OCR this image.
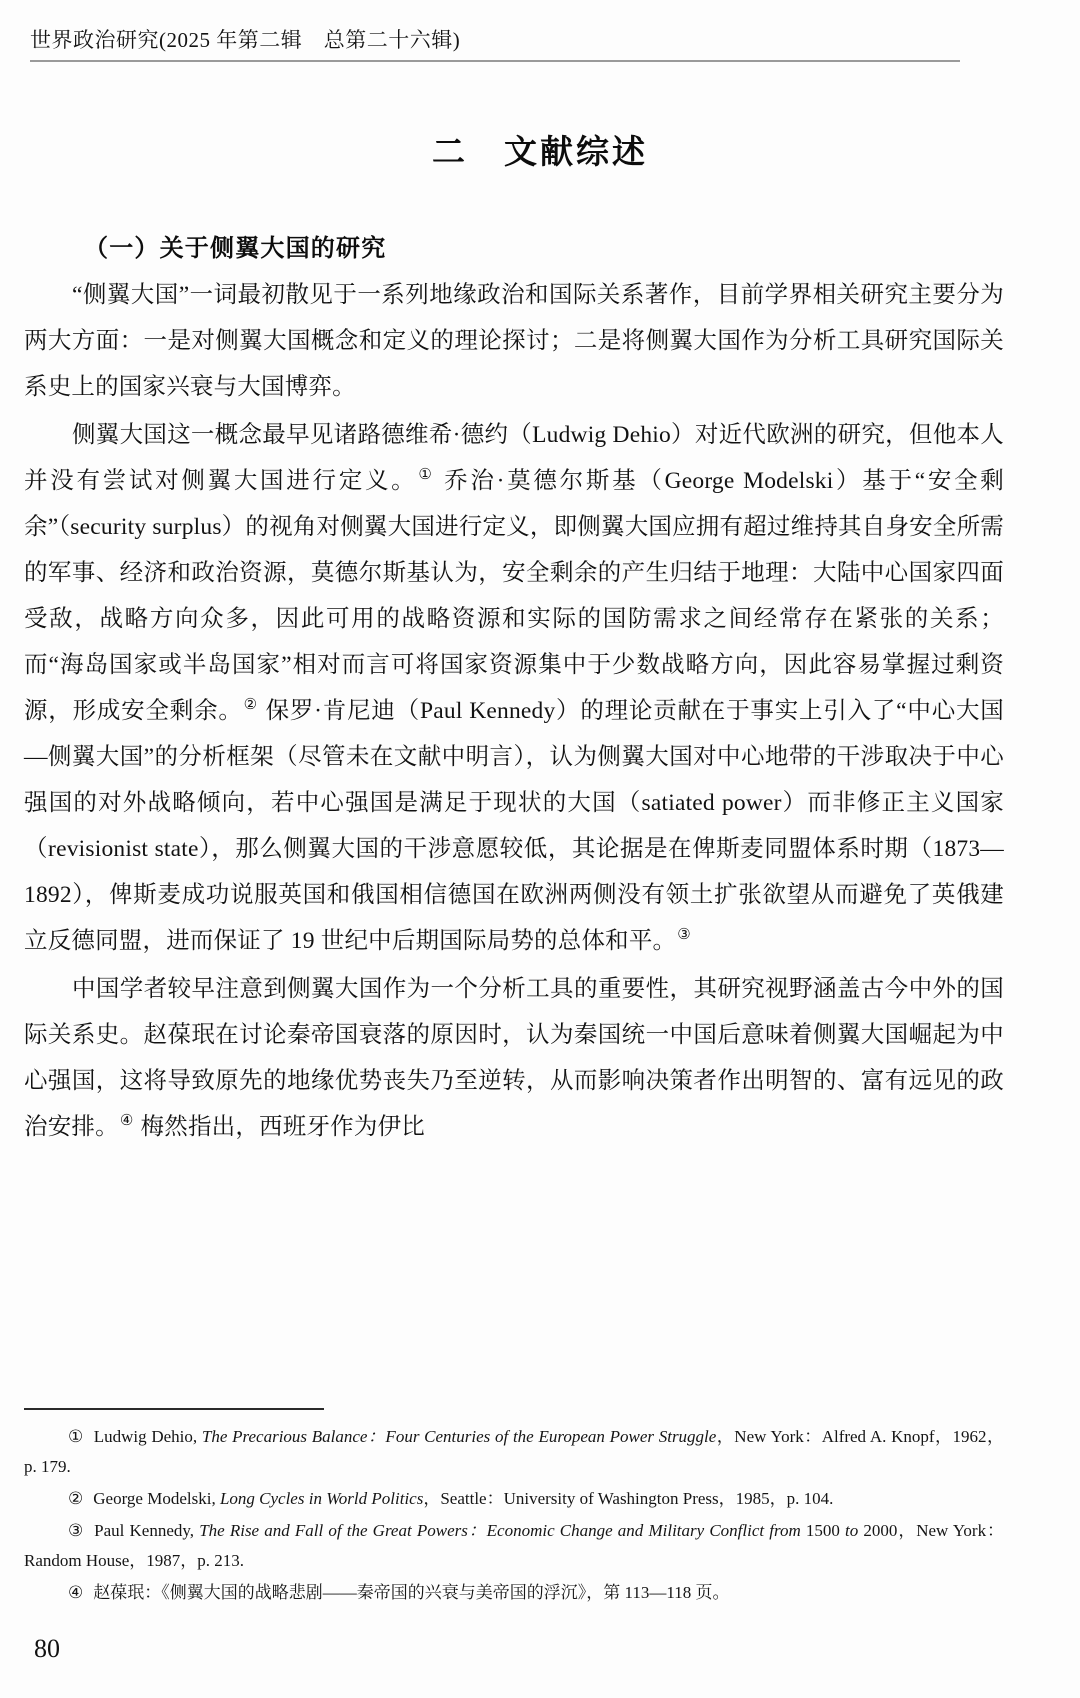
世界政治研究(2025 年第二辑　总第二十六辑)
二　文献综述
（一）关于侧翼大国的研究

“侧翼大国”一词最初散见于一系列地缘政治和国际关系著作，目前学界相关研究主要分为两大方面：一是对侧翼大国概念和定义的理论探讨；二是将侧翼大国作为分析工具研究国际关系史上的国家兴衰与大国博弈。

侧翼大国这一概念最早见诸路德维希·德约（Ludwig Dehio）对近代欧洲的研究，但他本人并没有尝试对侧翼大国进行定义。① 乔治·莫德尔斯基（George Modelski）基于“安全剩余”（security surplus）的视角对侧翼大国进行定义，即侧翼大国应拥有超过维持其自身安全所需的军事、经济和政治资源，莫德尔斯基认为，安全剩余的产生归结于地理：大陆中心国家四面受敌，战略方向众多，因此可用的战略资源和实际的国防需求之间经常存在紧张的关系；而“海岛国家或半岛国家”相对而言可将国家资源集中于少数战略方向，因此容易掌握过剩资源，形成安全剩余。② 保罗·肯尼迪（Paul Kennedy）的理论贡献在于事实上引入了“中心大国—侧翼大国”的分析框架（尽管未在文献中明言），认为侧翼大国对中心地带的干涉取决于中心强国的对外战略倾向，若中心强国是满足于现状的大国（satiated power）而非修正主义国家（revisionist state），那么侧翼大国的干涉意愿较低，其论据是在俾斯麦同盟体系时期（1873—1892），俾斯麦成功说服英国和俄国相信德国在欧洲两侧没有领土扩张欲望从而避免了英俄建立反德同盟，进而保证了 19 世纪中后期国际局势的总体和平。③

中国学者较早注意到侧翼大国作为一个分析工具的重要性，其研究视野涵盖古今中外的国际关系史。赵葆珉在讨论秦帝国衰落的原因时，认为秦国统一中国后意味着侧翼大国崛起为中心强国，这将导致原先的地缘优势丧失乃至逆转，从而影响决策者作出明智的、富有远见的政治安排。④ 梅然指出，西班牙作为伊比

① Ludwig Dehio, The Precarious Balance：Four Centuries of the European Power Struggle，New York：Alfred A. Knopf，1962，p. 179.

② George Modelski, Long Cycles in World Politics，Seattle：University of Washington Press，1985，p. 104.

③ Paul Kennedy, The Rise and Fall of the Great Powers：Economic Change and Military Conflict from 1500 to 2000，New York：Random House，1987，p. 213.

④ 赵葆珉：《侧翼大国的战略悲剧——秦帝国的兴衰与美帝国的浮沉》，第 113—118 页。

80
